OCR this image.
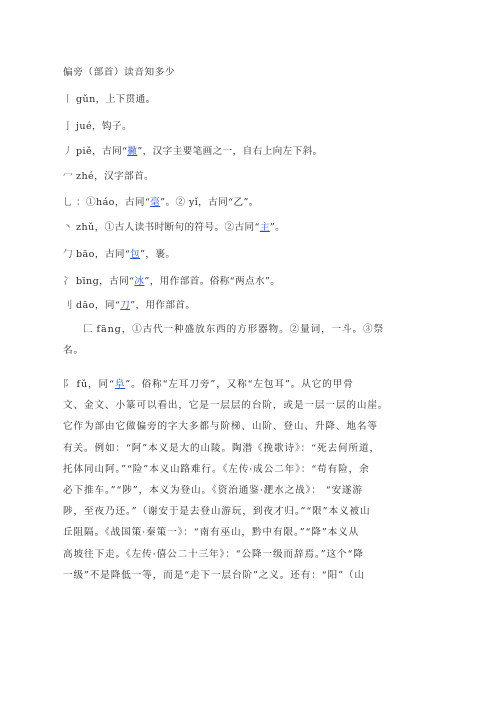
偏旁（部首）读音知多少
丨 gǔn，上下贯通。
亅 jué，钩子。
丿 piě，古同“撇”，汉字主要笔画之一，自右上向左下斜。
冖 zhé，汉字部首。
乚 ：①háo，古同“毫”。② yǐ，古同“乙”。
丶 zhǔ，①古人读书时断句的符号。②古同“主”。
勹 bāo，古同“包”，裹。
冫 bīng，古同“冰”，用作部首。俗称“两点水”。
刂 dāo，同“刀”，用作部首。
匚 fāng，①古代一种盛放东西的方形器物。②量词，一斗。③祭
名。
阝 fǔ，同“阜”。俗称“左耳刀旁”，又称“左包耳”。从它的甲骨
文、金文、小篆可以看出，它是一层层的台阶，或是一层一层的山崖。
它作为部由它做偏旁的字大多都与阶梯、山阶、登山、升降、地名等
有关。例如：“阿”本义是大的山陵。陶潜《挽歌诗》：“死去何所道，
托体同山阿。”“险”本义山路难行。《左传·成公二年》：“苟有险，余
必下推车。”“陟”，本义为登山。《资治通鉴·淝水之战》： “安遂游
陟，至夜乃还。”（谢安于是去登山游玩，到夜才归。”“限”本义被山
丘阻隔。《战国策·秦策一》：“南有巫山，黔中有限。”“降”本义从
高坡往下走。《左传·僖公二十三年》：“公降一级而辞焉。”这个“降
一级”不是降低一等，而是“走下一层台阶”之义。还有：“阳”（山
